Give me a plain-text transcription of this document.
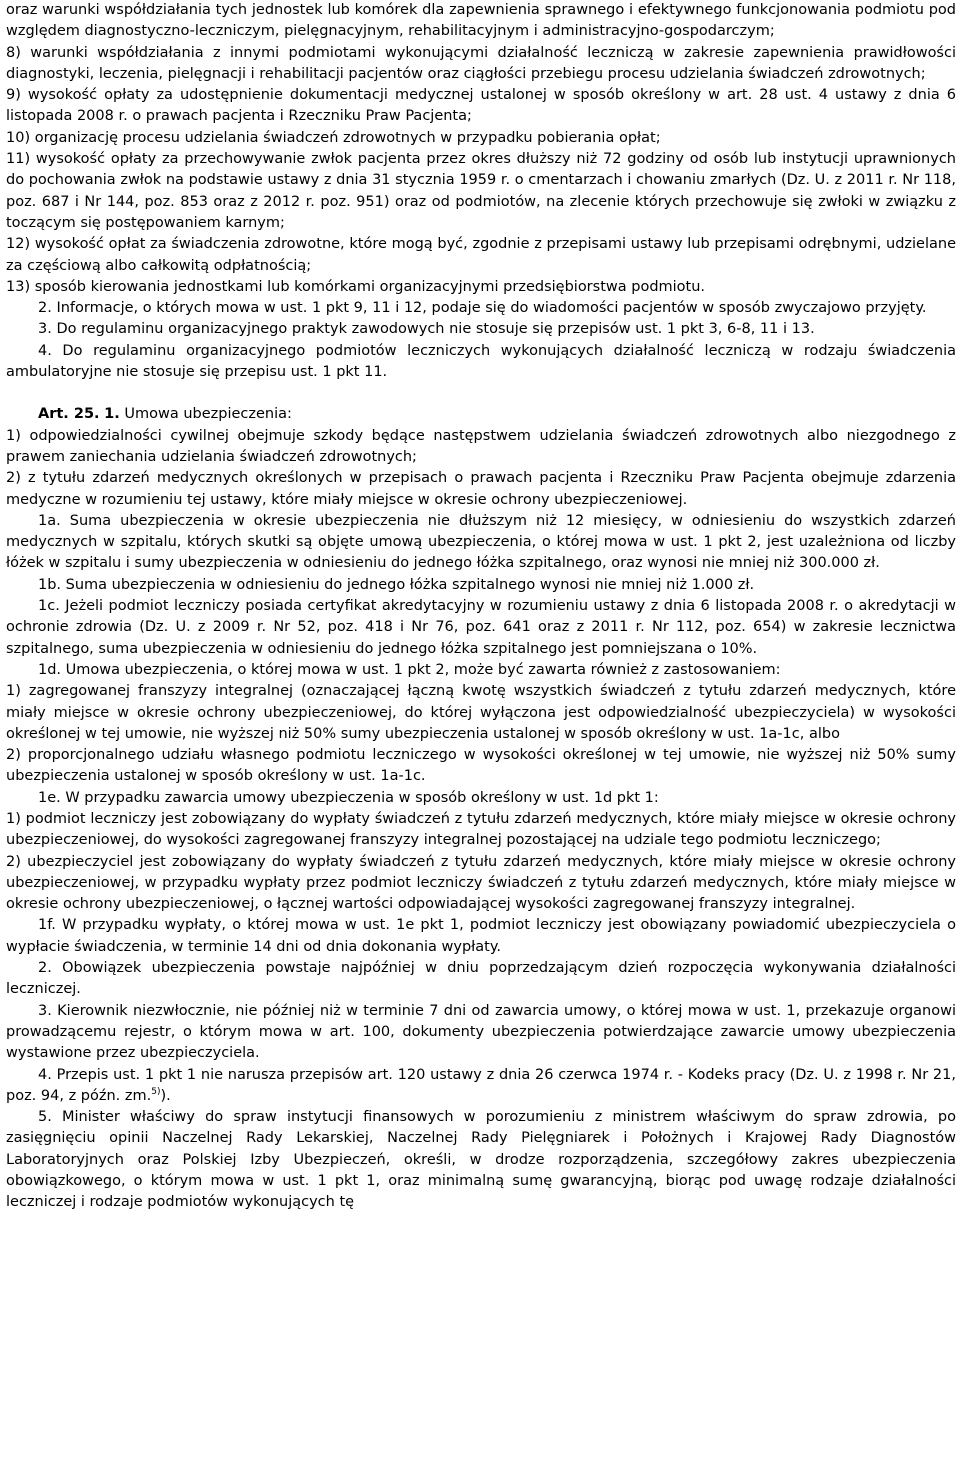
oraz warunki współdziałania tych jednostek lub komórek dla zapewnienia sprawnego i efektywnego funkcjonowania podmiotu pod względem diagnostyczno-leczniczym, pielęgnacyjnym, rehabilitacyjnym i administracyjno-gospodarczym;

8) warunki współdziałania z innymi podmiotami wykonującymi działalność leczniczą w zakresie zapewnienia prawidłowości diagnostyki, leczenia, pielęgnacji i rehabilitacji pacjentów oraz ciągłości przebiegu procesu udzielania świadczeń zdrowotnych;

9) wysokość opłaty za udostępnienie dokumentacji medycznej ustalonej w sposób określony w art. 28 ust. 4 ustawy z dnia 6 listopada 2008 r. o prawach pacjenta i Rzeczniku Praw Pacjenta;

10) organizację procesu udzielania świadczeń zdrowotnych w przypadku pobierania opłat;

11) wysokość opłaty za przechowywanie zwłok pacjenta przez okres dłuższy niż 72 godziny od osób lub instytucji uprawnionych do pochowania zwłok na podstawie ustawy z dnia 31 stycznia 1959 r. o cmentarzach i chowaniu zmarłych (Dz. U. z 2011 r. Nr 118, poz. 687 i Nr 144, poz. 853 oraz z 2012 r. poz. 951) oraz od podmiotów, na zlecenie których przechowuje się zwłoki w związku z toczącym się postępowaniem karnym;

12) wysokość opłat za świadczenia zdrowotne, które mogą być, zgodnie z przepisami ustawy lub przepisami odrębnymi, udzielane za częściową albo całkowitą odpłatnością;

13) sposób kierowania jednostkami lub komórkami organizacyjnymi przedsiębiorstwa podmiotu.

2. Informacje, o których mowa w ust. 1 pkt 9, 11 i 12, podaje się do wiadomości pacjentów w sposób zwyczajowo przyjęty.

3. Do regulaminu organizacyjnego praktyk zawodowych nie stosuje się przepisów ust. 1 pkt 3, 6-8, 11 i 13.

4. Do regulaminu organizacyjnego podmiotów leczniczych wykonujących działalność leczniczą w rodzaju świadczenia ambulatoryjne nie stosuje się przepisu ust. 1 pkt 11.

Art. 25. 1. Umowa ubezpieczenia:

1) odpowiedzialności cywilnej obejmuje szkody będące następstwem udzielania świadczeń zdrowotnych albo niezgodnego z prawem zaniechania udzielania świadczeń zdrowotnych;

2) z tytułu zdarzeń medycznych określonych w przepisach o prawach pacjenta i Rzeczniku Praw Pacjenta obejmuje zdarzenia medyczne w rozumieniu tej ustawy, które miały miejsce w okresie ochrony ubezpieczeniowej.

1a. Suma ubezpieczenia w okresie ubezpieczenia nie dłuższym niż 12 miesięcy, w odniesieniu do wszystkich zdarzeń medycznych w szpitalu, których skutki są objęte umową ubezpieczenia, o której mowa w ust. 1 pkt 2, jest uzależniona od liczby łóżek w szpitalu i sumy ubezpieczenia w odniesieniu do jednego łóżka szpitalnego, oraz wynosi nie mniej niż 300.000 zł.

1b. Suma ubezpieczenia w odniesieniu do jednego łóżka szpitalnego wynosi nie mniej niż 1.000 zł.

1c. Jeżeli podmiot leczniczy posiada certyfikat akredytacyjny w rozumieniu ustawy z dnia 6 listopada 2008 r. o akredytacji w ochronie zdrowia (Dz. U. z 2009 r. Nr 52, poz. 418 i Nr 76, poz. 641 oraz z 2011 r. Nr 112, poz. 654) w zakresie lecznictwa szpitalnego, suma ubezpieczenia w odniesieniu do jednego łóżka szpitalnego jest pomniejszana o 10%.

1d. Umowa ubezpieczenia, o której mowa w ust. 1 pkt 2, może być zawarta również z zastosowaniem:

1) zagregowanej franszyzy integralnej (oznaczającej łączną kwotę wszystkich świadczeń z tytułu zdarzeń medycznych, które miały miejsce w okresie ochrony ubezpieczeniowej, do której wyłączona jest odpowiedzialność ubezpieczyciela) w wysokości określonej w tej umowie, nie wyższej niż 50% sumy ubezpieczenia ustalonej w sposób określony w ust. 1a-1c, albo

2) proporcjonalnego udziału własnego podmiotu leczniczego w wysokości określonej w tej umowie, nie wyższej niż 50% sumy ubezpieczenia ustalonej w sposób określony w ust. 1a-1c.

1e. W przypadku zawarcia umowy ubezpieczenia w sposób określony w ust. 1d pkt 1:

1) podmiot leczniczy jest zobowiązany do wypłaty świadczeń z tytułu zdarzeń medycznych, które miały miejsce w okresie ochrony ubezpieczeniowej, do wysokości zagregowanej franszyzy integralnej pozostającej na udziale tego podmiotu leczniczego;

2) ubezpieczyciel jest zobowiązany do wypłaty świadczeń z tytułu zdarzeń medycznych, które miały miejsce w okresie ochrony ubezpieczeniowej, w przypadku wypłaty przez podmiot leczniczy świadczeń z tytułu zdarzeń medycznych, które miały miejsce w okresie ochrony ubezpieczeniowej, o łącznej wartości odpowiadającej wysokości zagregowanej franszyzy integralnej.

1f. W przypadku wypłaty, o której mowa w ust. 1e pkt 1, podmiot leczniczy jest obowiązany powiadomić ubezpieczyciela o wypłacie świadczenia, w terminie 14 dni od dnia dokonania wypłaty.

2. Obowiązek ubezpieczenia powstaje najpóźniej w dniu poprzedzającym dzień rozpoczęcia wykonywania działalności leczniczej.

3. Kierownik niezwłocznie, nie później niż w terminie 7 dni od zawarcia umowy, o której mowa w ust. 1, przekazuje organowi prowadzącemu rejestr, o którym mowa w art. 100, dokumenty ubezpieczenia potwierdzające zawarcie umowy ubezpieczenia wystawione przez ubezpieczyciela.

4. Przepis ust. 1 pkt 1 nie narusza przepisów art. 120 ustawy z dnia 26 czerwca 1974 r. - Kodeks pracy (Dz. U. z 1998 r. Nr 21, poz. 94, z późn. zm.$^{5)}$).

5. Minister właściwy do spraw instytucji finansowych w porozumieniu z ministrem właściwym do spraw zdrowia, po zasięgnięciu opinii Naczelnej Rady Lekarskiej, Naczelnej Rady Pielęgniarek i Położnych i Krajowej Rady Diagnostów Laboratoryjnych oraz Polskiej Izby Ubezpieczeń, określi, w drodze rozporządzenia, szczegółowy zakres ubezpieczenia obowiązkowego, o którym mowa w ust. 1 pkt 1, oraz minimalną sumę gwarancyjną, biorąc pod uwagę rodzaje działalności leczniczej i rodzaje podmiotów wykonujących tę
